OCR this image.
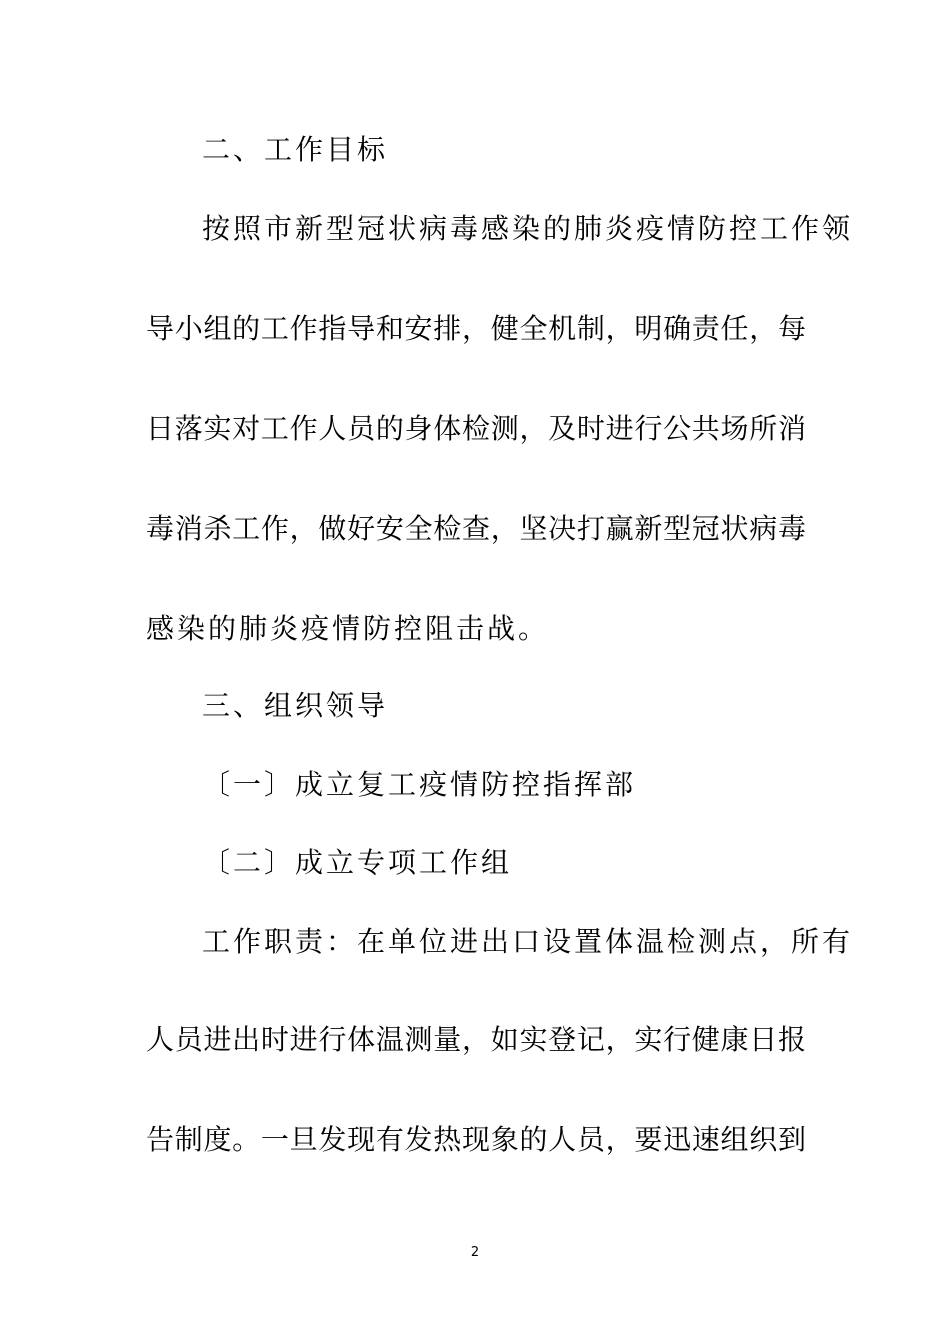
二、工作目标
按照市新型冠状病毒感染的肺炎疫情防控工作领
导小组的工作指导和安排，健全机制，明确责任，每
日落实对工作人员的身体检测，及时进行公共场所消
毒消杀工作，做好安全检查，坚决打赢新型冠状病毒
感染的肺炎疫情防控阻击战。
三、组织领导
〔一〕成立复工疫情防控指挥部
〔二〕成立专项工作组
工作职责：在单位进出口设置体温检测点，所有
人员进出时进行体温测量，如实登记，实行健康日报
告制度。一旦发现有发热现象的人员，要迅速组织到
2
